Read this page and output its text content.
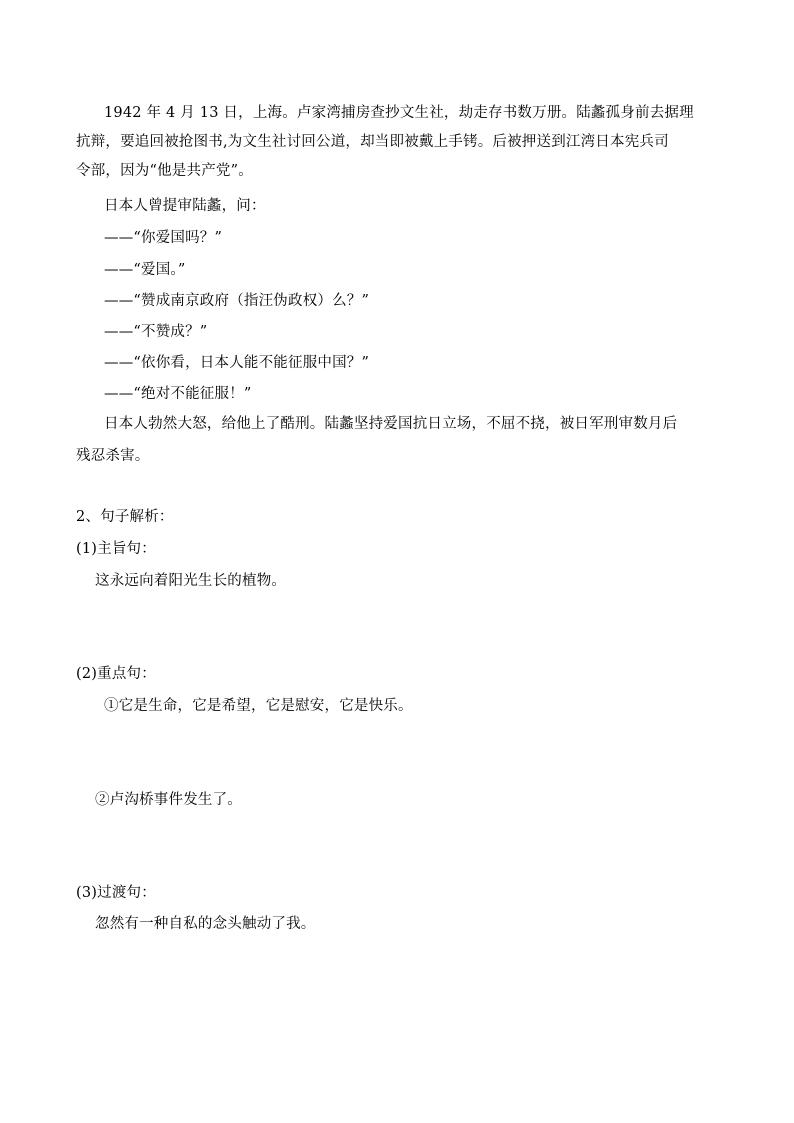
1942 年 4 月 13 日，上海。卢家湾捕房查抄文生社，劫走存书数万册。陆蠡孤身前去据理
抗辩，要追回被抢图书,为文生社讨回公道，却当即被戴上手铐。后被押送到江湾日本宪兵司
令部，因为“他是共产党”。
日本人曾提审陆蠡，问：
——“你爱国吗？”
——“爱国。”
——“赞成南京政府（指汪伪政权）么？”
——“不赞成？”
——“依你看，日本人能不能征服中国？”
——“绝对不能征服！”
日本人勃然大怒，给他上了酷刑。陆蠡坚持爱国抗日立场，不屈不挠，被日军刑审数月后
残忍杀害。
2、句子解析：
(1)主旨句：
这永远向着阳光生长的植物。
(2)重点句：
①它是生命，它是希望，它是慰安，它是快乐。
②卢沟桥事件发生了。
(3)过渡句：
忽然有一种自私的念头触动了我。
